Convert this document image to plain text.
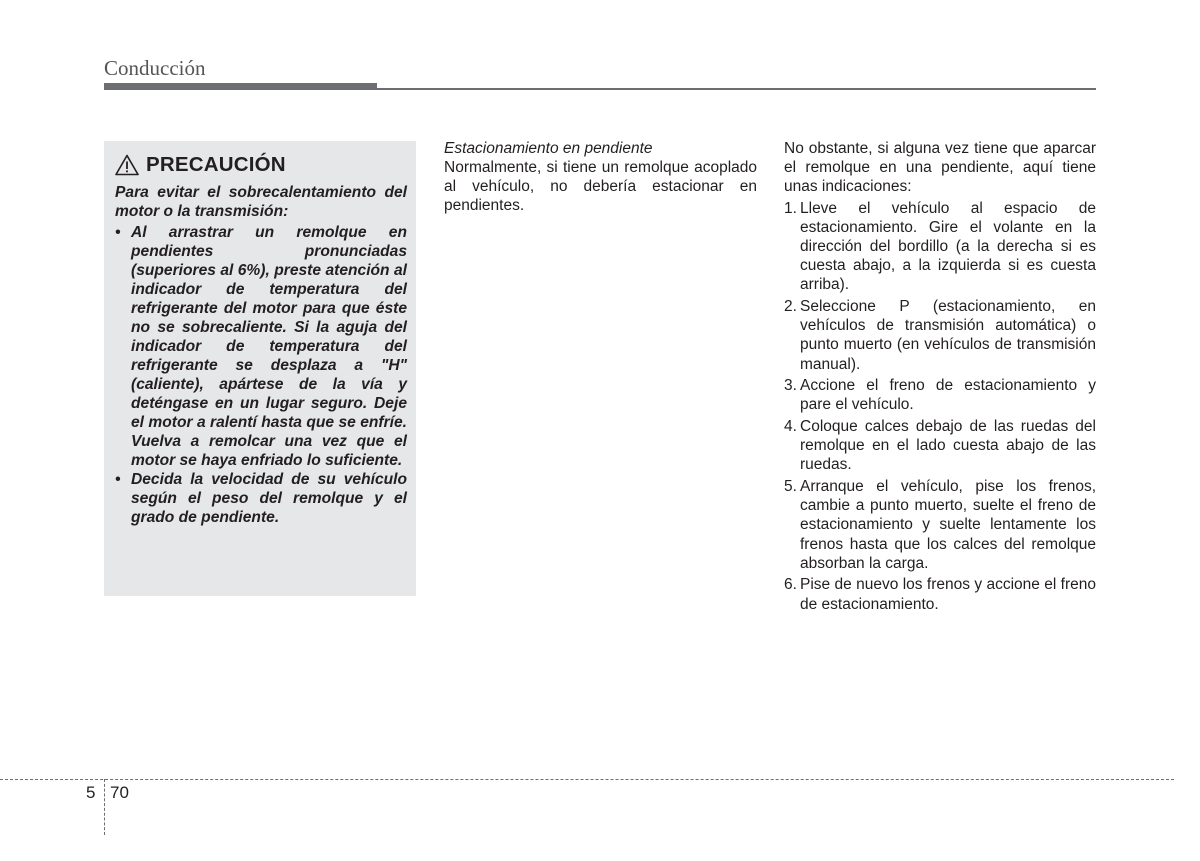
Conducción
PRECAUCIÓN

Para evitar el sobrecalentamiento del motor o la transmisión:

• Al arrastrar un remolque en pendientes pronunciadas (superiores al 6%), preste atención al indicador de temperatura del refrigerante del motor para que éste no se sobrecaliente. Si la aguja del indicador de temperatura del refrigerante se desplaza a "H" (caliente), apártese de la vía y deténgase en un lugar seguro. Deje el motor a ralentí hasta que se enfríe. Vuelva a remolcar una vez que el motor se haya enfriado lo suficiente.
• Decida la velocidad de su vehículo según el peso del remolque y el grado de pendiente.

Estacionamiento en pendiente

Normalmente, si tiene un remolque acoplado al vehículo, no debería estacionar en pendientes.

No obstante, si alguna vez tiene que aparcar el remolque en una pendiente, aquí tiene unas indicaciones:

1. Lleve el vehículo al espacio de estacionamiento. Gire el volante en la dirección del bordillo (a la derecha si es cuesta abajo, a la izquierda si es cuesta arriba).
2. Seleccione P (estacionamiento, en vehículos de transmisión automática) o punto muerto (en vehículos de transmisión manual).
3. Accione el freno de estacionamiento y pare el vehículo.
4. Coloque calces debajo de las ruedas del remolque en el lado cuesta abajo de las ruedas.
5. Arranque el vehículo, pise los frenos, cambie a punto muerto, suelte el freno de estacionamiento y suelte lentamente los frenos hasta que los calces del remolque absorban la carga.
6. Pise de nuevo los frenos y accione el freno de estacionamiento.
5 70
